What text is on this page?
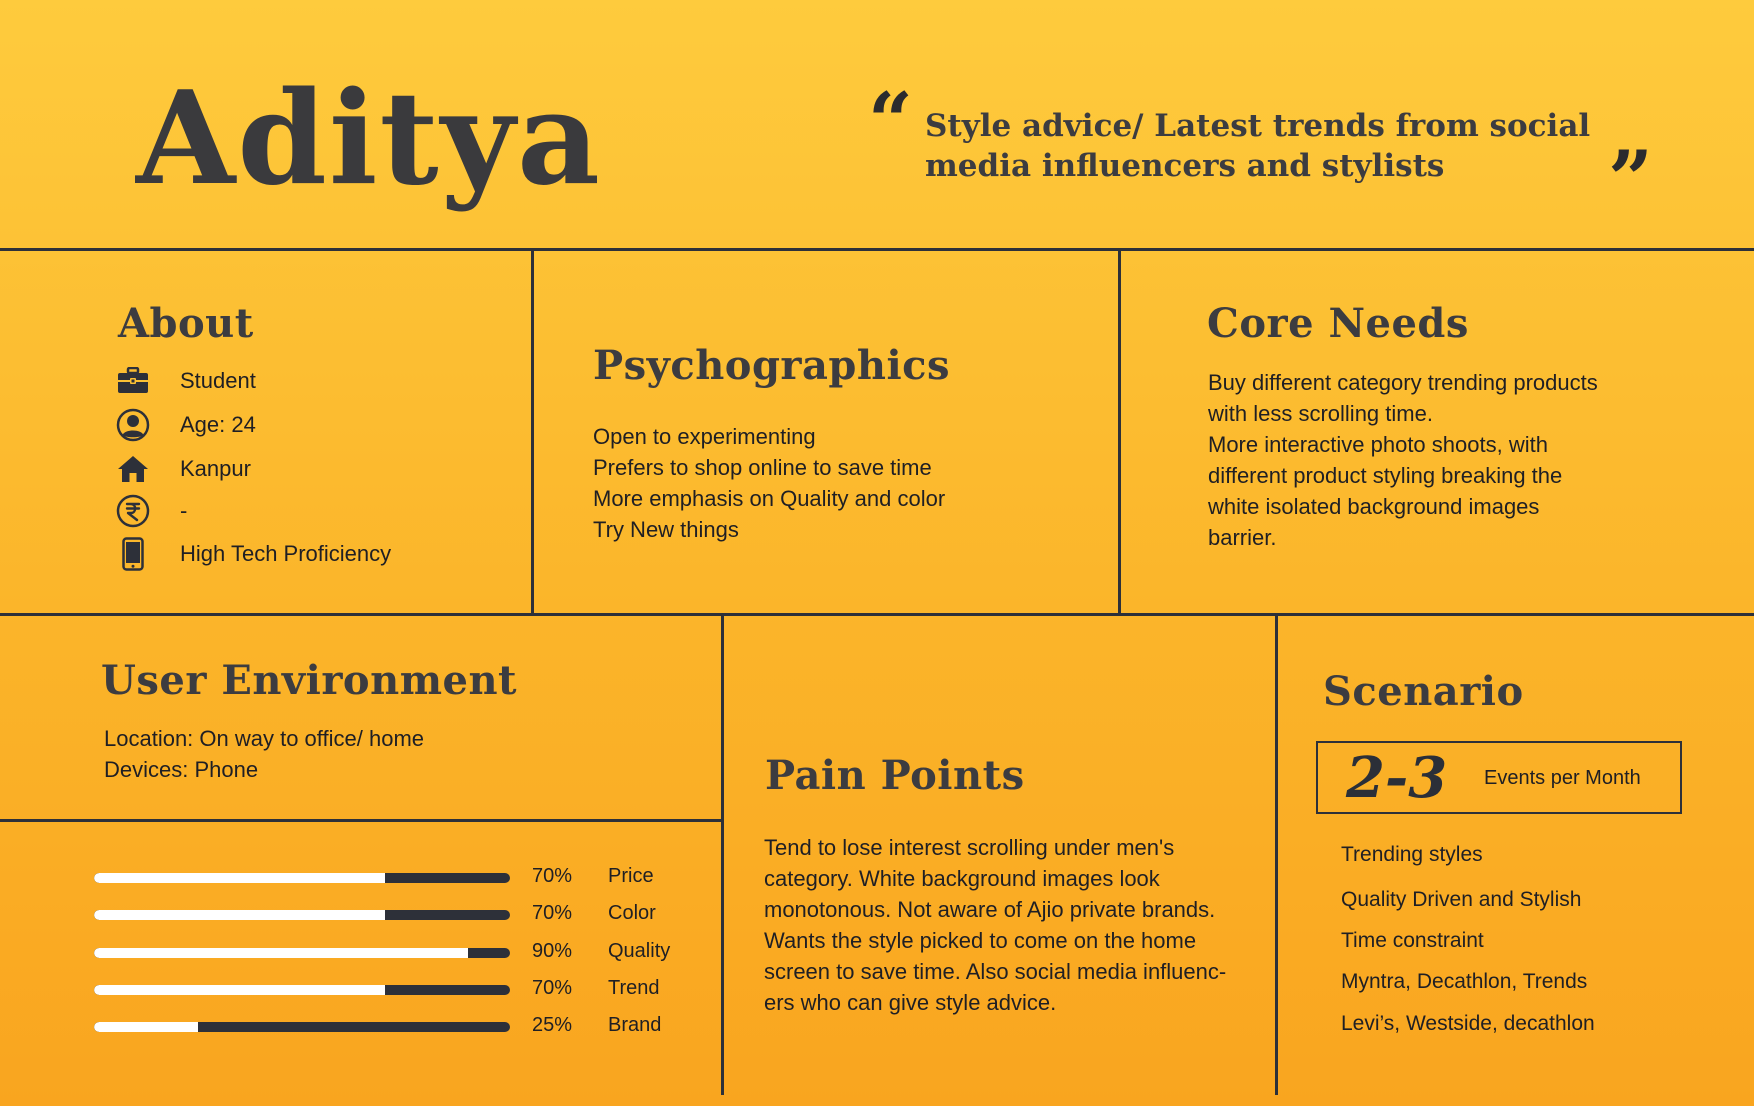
Aditya	“ Style advice/ Latest trends from social media influencers and stylists	”
About
Student
Age: 24
Kanpur
-
High Tech Proficiency
Psychographics
Open to experimenting
Prefers to shop online to save time
More emphasis on Quality and color
Try New things
Core Needs
Buy different category trending products
with less scrolling time.
More interactive photo shoots, with
different product styling breaking the
white isolated background images
barrier.
User Environment
Location: On way to office/ home
Devices: Phone
70% Price
70% Color
90% Quality
70% Trend
25% Brand
Pain Points
Tend to lose interest scrolling under men's
category. White background images look
monotonous. Not aware of Ajio private brands.
Wants the style picked to come on the home
screen to save time. Also social media influenc-
ers who can give style advice.
Scenario
2-3 Events per Month
Trending styles
Quality Driven and Stylish
Time constraint
Myntra, Decathlon, Trends
Levi’s, Westside, decathlon
